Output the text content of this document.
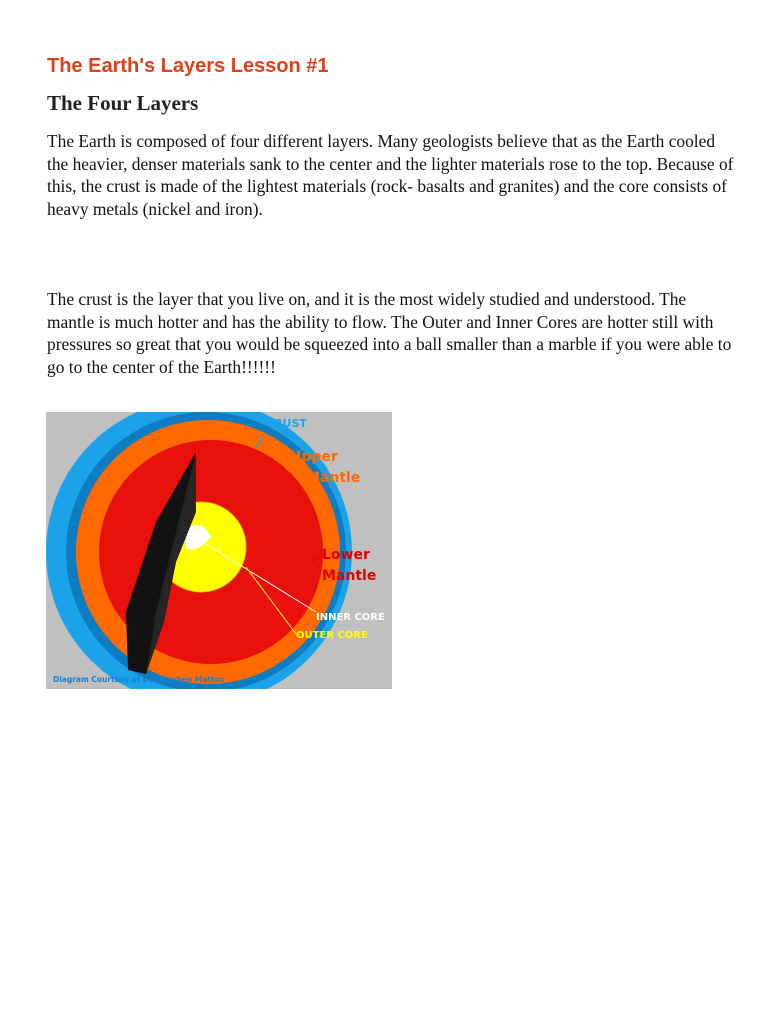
The Earth's Layers Lesson #1
The Four Layers

The Earth is composed of four different layers. Many geologists believe that as the Earth cooled the heavier, denser materials sank to the center and the lighter materials rose to the top. Because of this, the crust is made of the lightest materials (rock- basalts and granites) and the core consists of heavy metals (nickel and iron).

The crust is the layer that you live on, and it is the most widely studied and understood. The mantle is much hotter and has the ability to flow. The Outer and Inner Cores are hotter still with pressures so great that you would be squeezed into a ball smaller than a marble if you were able to go to the center of the Earth!!!!!!

CRUST
Upper
Mantle
Lower
Mantle
INNER CORE
OUTER CORE
Diagram Courtesy of Dr. Stephen Mattox
